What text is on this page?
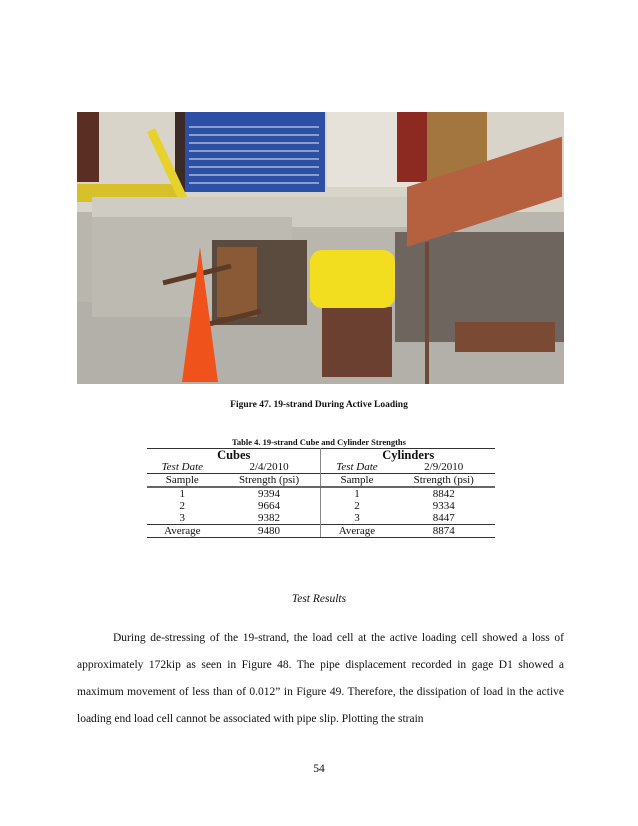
Figure 47. 19-strand During Active Loading
Table 4. 19-strand Cube and Cylinder Strengths
Cubes		Cylinders	
Test Date	2/4/2010	Test Date	2/9/2010
Sample	Strength (psi)	Sample	Strength (psi)
1	9394	1	8842
2	9664	2	9334
3	9382	3	8447
Average	9480	Average	8874
Test Results

During de-stressing of the 19-strand, the load cell at the active loading cell showed a loss of approximately 172kip as seen in Figure 48. The pipe displacement recorded in gage D1 showed a maximum movement of less than of 0.012” in Figure 49. Therefore, the dissipation of load in the active loading end load cell cannot be associated with pipe slip. Plotting the strain

54
